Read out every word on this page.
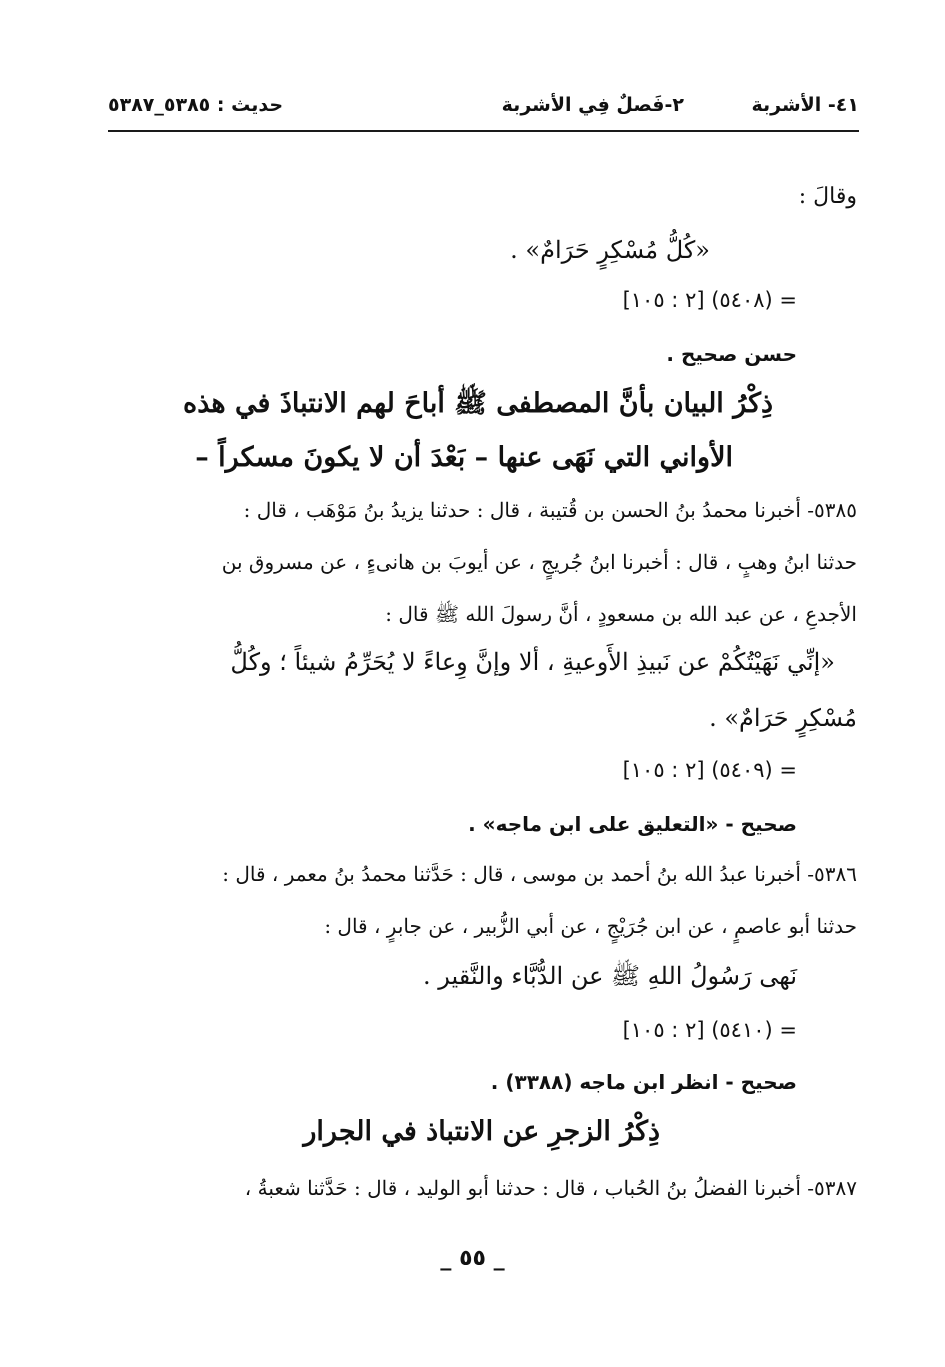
٤١- الأشربة
٢-فَصلٌ فِي الأشربة
حديث : ٥٣٨٥_٥٣٨٧
وقالَ :
«كُلُّ مُسْكِرٍ حَرَامٌ» .
= (٥٤٠٨) [٢ : ١٠٥]
حسن صحيح .
ذِكْرُ البيان بأنَّ المصطفى ﷺ أباحَ لهم الانتباذَ في هذه
الأواني التي نَهَى عنها – بَعْدَ أن لا يكونَ مسكراً –
٥٣٨٥- أخبرنا محمدُ بنُ الحسن بن قُتيبة ، قال : حدثنا يزيدُ بنُ مَوْهَب ، قال :
حدثنا ابنُ وهبٍ ، قال : أخبرنا ابنُ جُريجٍ ، عن أيوبَ بن هانىءٍ ، عن مسروق بن
الأجدعِ ، عن عبد الله بن مسعودٍ ، أنَّ رسولَ الله ﷺ قال :
«إنِّي نَهَيْتُكُمْ عن نَبيذِ الأَوعيةِ ، ألا وإنَّ وِعاءً لا يُحَرِّمُ شيئاً ؛ وكُلُّ
مُسْكِرٍ حَرَامٌ» .
= (٥٤٠٩) [٢ : ١٠٥]
صحيح - «التعليق على ابن ماجه» .
٥٣٨٦- أخبرنا عبدُ الله بنُ أحمد بن موسى ، قال : حَدَّثنا محمدُ بنُ معمر ، قال :
حدثنا أبو عاصمٍ ، عن ابن جُرَيْجٍ ، عن أبي الزُّبير ، عن جابرٍ ، قال :
نَهى رَسُولُ اللهِ ﷺ عن الدُّبَّاء والنَّقير .
= (٥٤١٠) [٢ : ١٠٥]
صحيح - انظر ابن ماجه (٣٣٨٨) .
ذِكْرُ الزجرِ عن الانتباذ في الجرار
٥٣٨٧- أخبرنا الفضلُ بنُ الحُباب ، قال : حدثنا أبو الوليد ، قال : حَدَّثنا شعبةُ ،
_ ٥٥ _
